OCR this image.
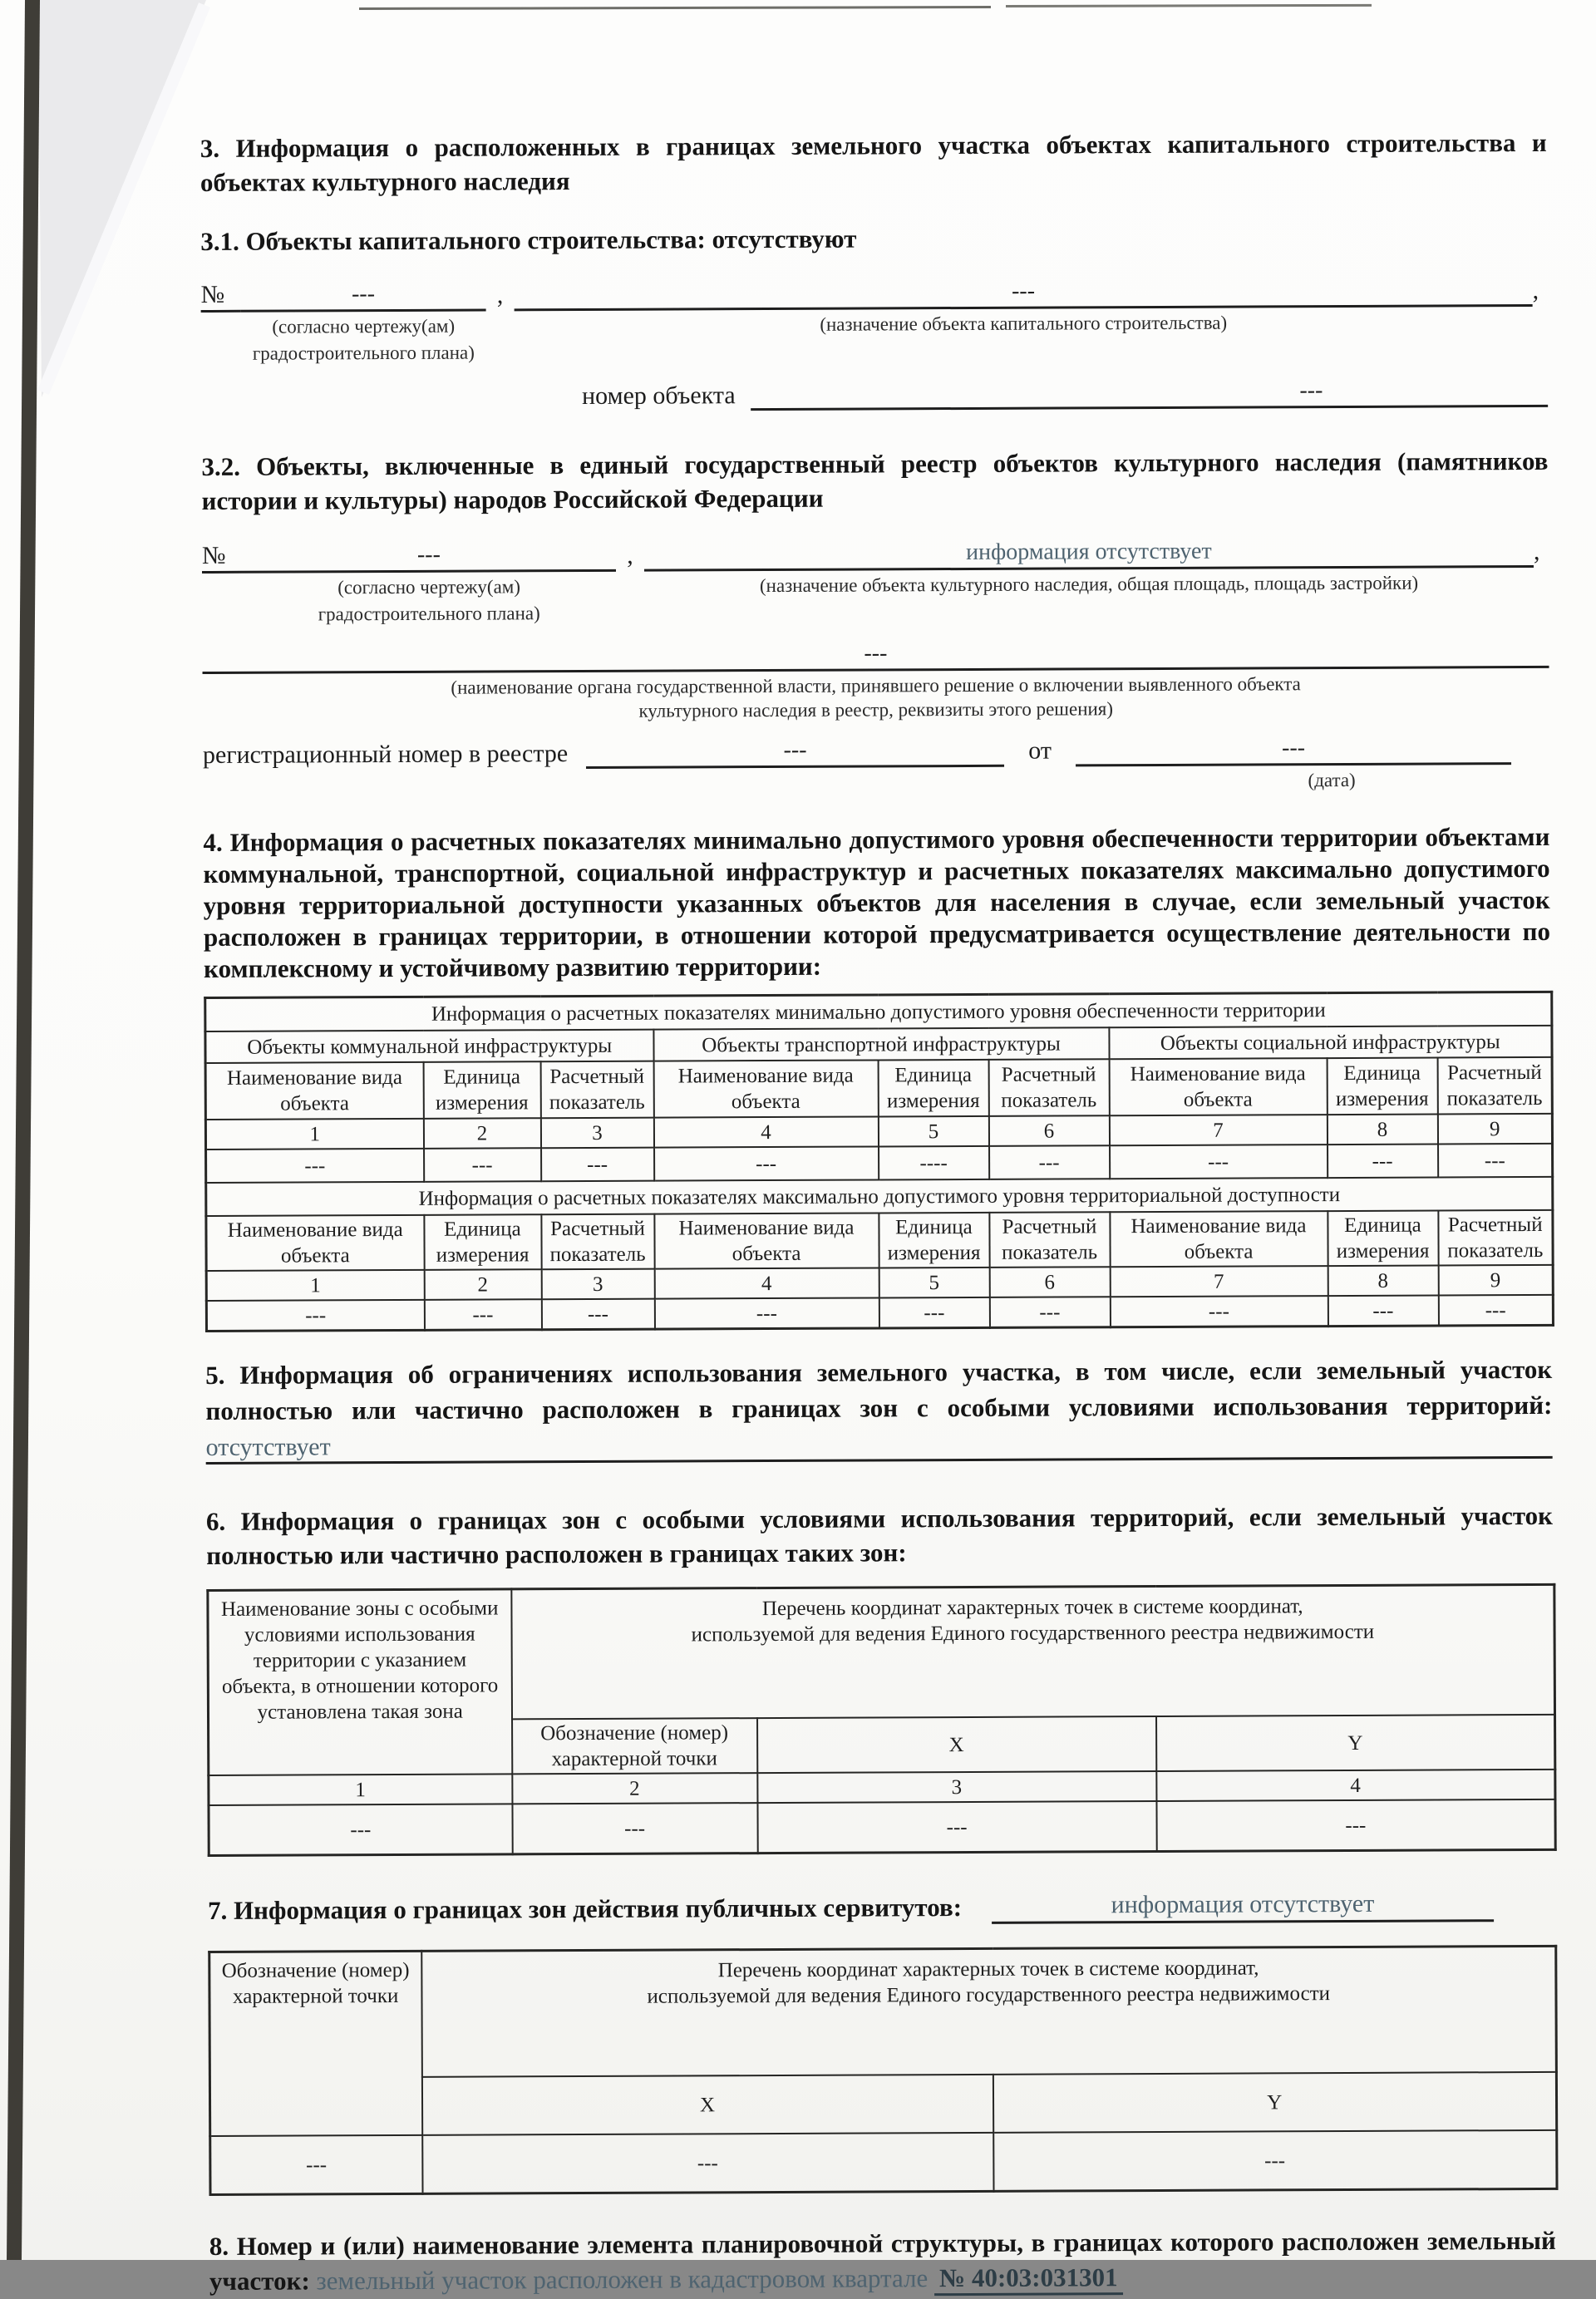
3. Информация о расположенных в границах земельного участка объектах капитального строительства и объектах культурного наследия

3.1. Объекты капитального строительства: отсутствуют

№	---	,	---	,
(согласно чертежу(ам)	(назначение объекта капитального строительства)
градостроительного плана)
номер объекта	---

3.2. Объекты, включенные в единый государственный реестр объектов культурного наследия (памятников истории и культуры) народов Российской Федерации

№	---	,	информация отсутствует	,
(согласно чертежу(ам)	(назначение объекта культурного наследия, общая площадь, площадь застройки)
градостроительного плана)
---
(наименование органа государственной власти, принявшего решение о включении выявленного объекта
культурного наследия в реестр, реквизиты этого решения)
регистрационный номер в реестре	---	от	---
(дата)

4. Информация о расчетных показателях минимально допустимого уровня обеспеченности территории объектами коммунальной, транспортной, социальной инфраструктур и расчетных показателях максимально допустимого уровня территориальной доступности указанных объектов для населения в случае, если земельный участок расположен в границах территории, в отношении которой предусматривается осуществление деятельности по комплексному и устойчивому развитию территории:

Информация о расчетных показателях минимально допустимого уровня обеспеченности территории								
Объекты коммунальной инфраструктуры			Объекты транспортной инфраструктуры			Объекты социальной инфраструктуры		
Наименование вида объекта	Единица измерения	Расчетный показатель	Наименование вида объекта	Единица измерения	Расчетный показатель	Наименование вида объекта	Единица измерения	Расчетный показатель
1	2	3	4	5	6	7	8	9
---	---	---	---	----	---	---	---	---
Информация о расчетных показателях максимально допустимого уровня территориальной доступности								
Наименование вида объекта	Единица измерения	Расчетный показатель	Наименование вида объекта	Единица измерения	Расчетный показатель	Наименование вида объекта	Единица измерения	Расчетный показатель
1	2	3	4	5	6	7	8	9
---	---	---	---	---	---	---	---	---

5. Информация об ограничениях использования земельного участка, в том числе, если земельный участок полностью или частично расположен в границах зон с особыми условиями использования территорий:

отсутствует

6. Информация о границах зон с особыми условиями использования территорий, если земельный участок полностью или частично расположен в границах таких зон:

Наименование зоны с особыми условиями использования территории с указанием объекта, в отношении которого установлена такая зона	Перечень координат характерных точек в системе координат,
используемой для ведения Единого государственного реестра недвижимости		

	Обозначение (номер) характерной точки	X	Y
1	2	3	4
---	---	---	---
7. Информация о границах зон действия публичных сервитутов:	информация отсутствует
Обозначение (номер) характерной точки	Перечень координат характерных точек в системе координат,
используемой для ведения Единого государственного реестра недвижимости	

	X	Y
---	---	---

8. Номер и (или) наименование элемента планировочной структуры, в границах которого расположен земельный участок: земельный участок расположен в кадастровом квартале № 40:03:031301
